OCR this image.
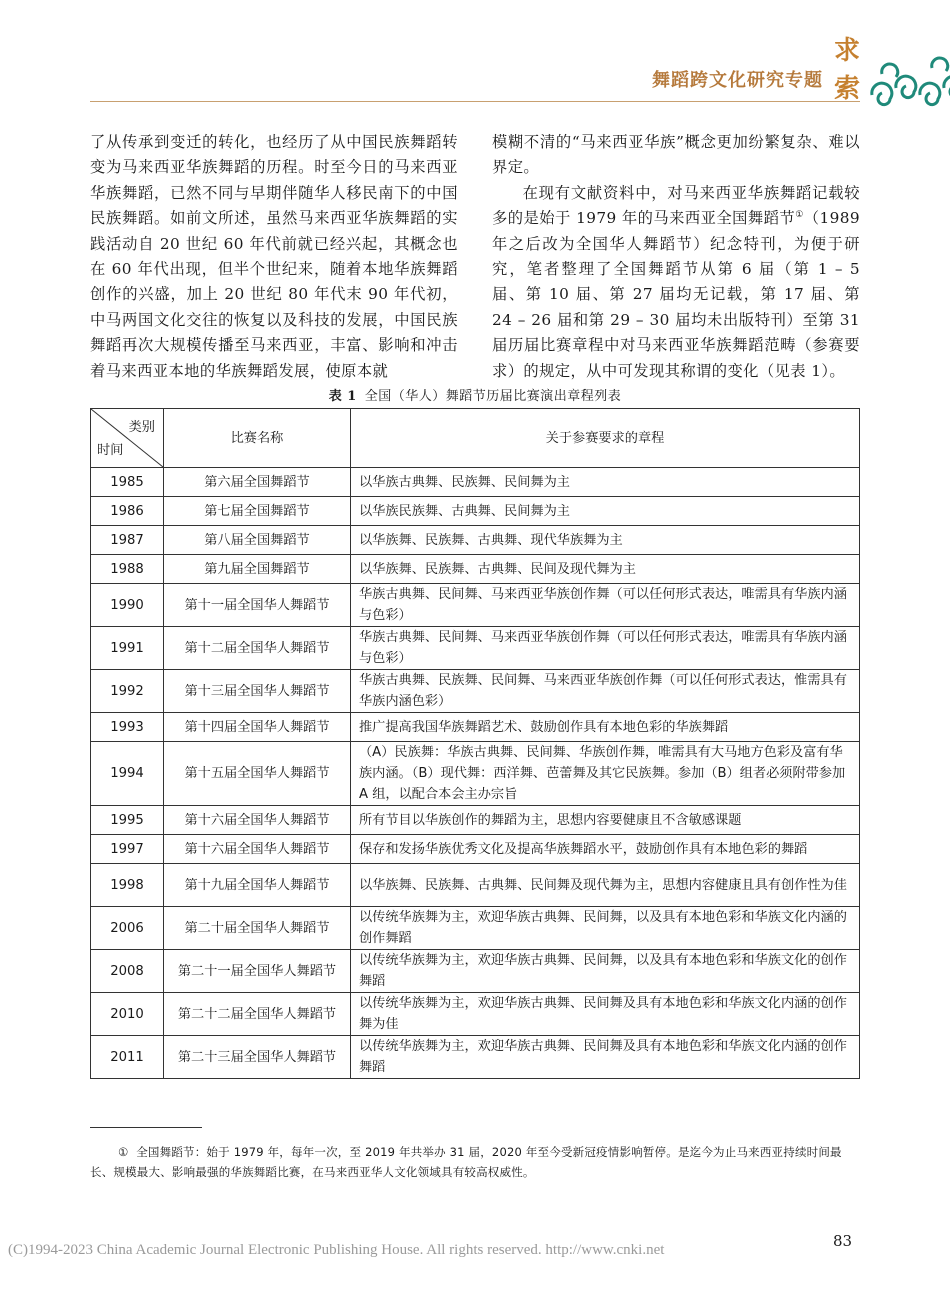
舞蹈跨文化研究专题
求
索

了从传承到变迁的转化，也经历了从中国民族舞蹈转变为马来西亚华族舞蹈的历程。时至今日的马来西亚华族舞蹈，已然不同与早期伴随华人移民南下的中国民族舞蹈。如前文所述，虽然马来西亚华族舞蹈的实践活动自 20 世纪 60 年代前就已经兴起，其概念也在 60 年代出现，但半个世纪来，随着本地华族舞蹈创作的兴盛，加上 20 世纪 80 年代末 90 年代初，中马两国文化交往的恢复以及科技的发展，中国民族舞蹈再次大规模传播至马来西亚，丰富、影响和冲击着马来西亚本地的华族舞蹈发展，使原本就

模糊不清的“马来西亚华族”概念更加纷繁复杂、难以界定。

在现有文献资料中，对马来西亚华族舞蹈记载较多的是始于 1979 年的马来西亚全国舞蹈节①（1989 年之后改为全国华人舞蹈节）纪念特刊，为便于研究，笔者整理了全国舞蹈节从第 6 届（第 1 – 5 届、第 10 届、第 27 届均无记载，第 17 届、第 24 – 26 届和第 29 – 30 届均未出版特刊）至第 31 届历届比赛章程中对马来西亚华族舞蹈范畴（参赛要求）的规定，从中可发现其称谓的变化（见表 1）。

表 1 全国（华人）舞蹈节历届比赛演出章程列表
类别
时间	比赛名称	关于参赛要求的章程
1985	第六届全国舞蹈节	以华族古典舞、民族舞、民间舞为主
1986	第七届全国舞蹈节	以华族民族舞、古典舞、民间舞为主
1987	第八届全国舞蹈节	以华族舞、民族舞、古典舞、现代华族舞为主
1988	第九届全国舞蹈节	以华族舞、民族舞、古典舞、民间及现代舞为主
1990	第十一届全国华人舞蹈节	华族古典舞、民间舞、马来西亚华族创作舞（可以任何形式表达，唯需具有华族内涵与色彩）
1991	第十二届全国华人舞蹈节	华族古典舞、民间舞、马来西亚华族创作舞（可以任何形式表达，唯需具有华族内涵与色彩）
1992	第十三届全国华人舞蹈节	华族古典舞、民族舞、民间舞、马来西亚华族创作舞（可以任何形式表达，惟需具有华族内涵色彩）
1993	第十四届全国华人舞蹈节	推广提高我国华族舞蹈艺术、鼓励创作具有本地色彩的华族舞蹈
1994	第十五届全国华人舞蹈节	（A）民族舞：华族古典舞、民间舞、华族创作舞，唯需具有大马地方色彩及富有华族内涵。（B）现代舞：西洋舞、芭蕾舞及其它民族舞。参加（B）组者必须附带参加 A 组，以配合本会主办宗旨
1995	第十六届全国华人舞蹈节	所有节目以华族创作的舞蹈为主，思想内容要健康且不含敏感课题
1997	第十六届全国华人舞蹈节	保存和发扬华族优秀文化及提高华族舞蹈水平，鼓励创作具有本地色彩的舞蹈
1998	第十九届全国华人舞蹈节	以华族舞、民族舞、古典舞、民间舞及现代舞为主，思想内容健康且具有创作性为佳
2006	第二十届全国华人舞蹈节	以传统华族舞为主，欢迎华族古典舞、民间舞，以及具有本地色彩和华族文化内涵的创作舞蹈
2008	第二十一届全国华人舞蹈节	以传统华族舞为主，欢迎华族古典舞、民间舞，以及具有本地色彩和华族文化的创作舞蹈
2010	第二十二届全国华人舞蹈节	以传统华族舞为主，欢迎华族古典舞、民间舞及具有本地色彩和华族文化内涵的创作舞为佳
2011	第二十三届全国华人舞蹈节	以传统华族舞为主，欢迎华族古典舞、民间舞及具有本地色彩和华族文化内涵的创作舞蹈
① 全国舞蹈节：始于 1979 年，每年一次，至 2019 年共举办 31 届，2020 年至今受新冠疫情影响暂停。是迄今为止马来西亚持续时间最长、规模最大、影响最强的华族舞蹈比赛，在马来西亚华人文化领域具有较高权威性。
83
(C)1994-2023 China Academic Journal Electronic Publishing House. All rights reserved. http://www.cnki.net
